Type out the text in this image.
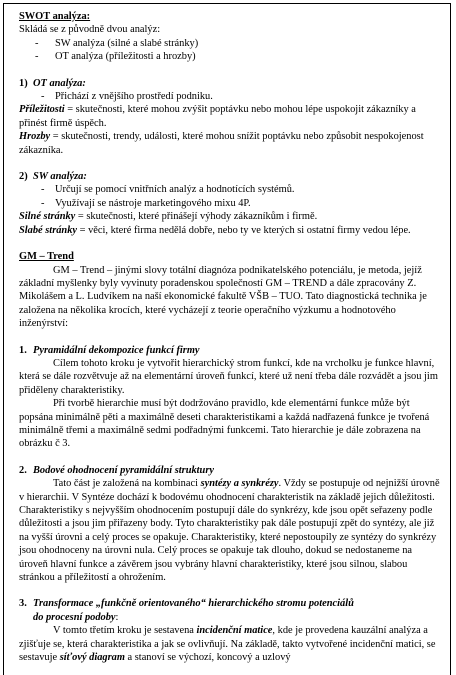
SWOT analýza:

Skládá se z původně dvou analýz:

-	SW analýza (silné a slabé stránky)
-	OT analýza (příležitosti a hrozby)

1) OT analýza:

-	Přichází z vnějšího prostředí podniku.

Příležitosti = skutečnosti, které mohou zvýšit poptávku nebo mohou lépe uspokojit zákazníky a přinést firmě úspěch.

Hrozby = skutečnosti, trendy, události, které mohou snížit poptávku nebo způsobit nespokojenost zákazníka.

2) SW analýza:

-	Určují se pomocí vnitřních analýz a hodnotících systémů.
-	Využívají se nástroje marketingového mixu 4P.

Silné stránky = skutečnosti, které přinášejí výhody zákazníkům i firmě.

Slabé stránky = věci, které firma nedělá dobře, nebo ty ve kterých si ostatní firmy vedou lépe.

GM – Trend

GM – Trend – jinými slovy totální diagnóza podnikatelského potenciálu, je metoda, jejíž základní myšlenky byly vyvinuty poradenskou společností GM – TREND a dále zpracovány Z. Mikolášem a L. Ludvíkem na naší ekonomické fakultě VŠB – TUO. Tato diagnostická technika je založena na několika krocích, které vycházejí z teorie operačního výzkumu a hodnotového inženýrství:

1. Pyramidální dekompozice funkcí firmy

Cílem tohoto kroku je vytvořit hierarchický strom funkcí, kde na vrcholku je funkce hlavní, která se dále rozvětvuje až na elementární úroveň funkcí, které už není třeba dále rozvádět a jsou jim přiděleny charakteristiky.

Při tvorbě hierarchie musí být dodržováno pravidlo, kde elementární funkce může být popsána minimálně pěti a maximálně deseti charakteristikami a každá nadřazená funkce je tvořená minimálně třemi a maximálně sedmi podřadnými funkcemi. Tato hierarchie je dále zobrazena na obrázku č 3.

2. Bodové ohodnocení pyramidální struktury

Tato část je založená na kombinaci syntézy a synkrézy. Vždy se postupuje od nejnižší úrovně v hierarchii. V Syntéze dochází k bodovému ohodnocení charakteristik na základě jejich důležitosti. Charakteristiky s nejvyšším ohodnocením postupují dále do synkrézy, kde jsou opět seřazeny podle důležitosti a jsou jim přiřazeny body. Tyto charakteristiky pak dále postupují zpět do syntézy, ale již na vyšší úrovni a celý proces se opakuje. Charakteristiky, které nepostoupily ze syntézy do synkrézy jsou ohodnoceny na úrovni nula. Celý proces se opakuje tak dlouho, dokud se nedostaneme na úroveň hlavní funkce a závěrem jsou vybrány hlavní charakteristiky, které jsou silnou, slabou stránkou a příležitostí a ohrožením.

3. Transformace „funkčně orientovaného“ hierarchického stromu potenciálů

do procesní podoby:

V tomto třetím kroku je sestavena incidenční matice, kde je provedena kauzální analýza a zjišťuje se, která charakteristika a jak se ovlivňují. Na základě, takto vytvořené incidenční matici, se sestavuje síťový diagram a stanoví se výchozí, koncový a uzlový
